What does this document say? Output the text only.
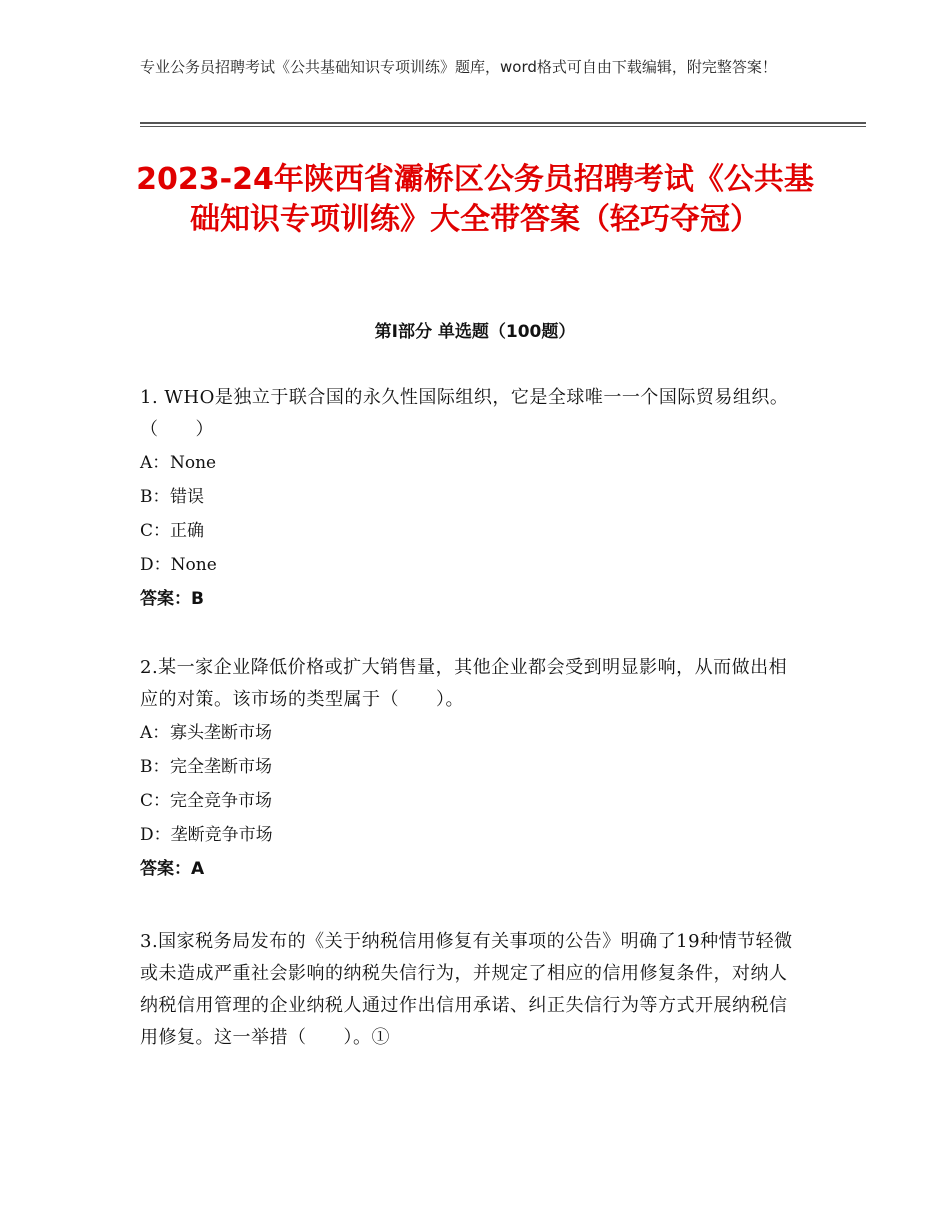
专业公务员招聘考试《公共基础知识专项训练》题库，word格式可自由下载编辑，附完整答案！
2023-24年陕西省灞桥区公务员招聘考试《公共基础知识专项训练》大全带答案（轻巧夺冠）
第Ⅰ部分 单选题（100题）

1. WHO是独立于联合国的永久性国际组织，它是全球唯一一个国际贸易组织。（　　）

A：None

B：错误

C：正确

D：None

答案：B

2.某一家企业降低价格或扩大销售量，其他企业都会受到明显影响，从而做出相应的对策。该市场的类型属于（　　）。

A：寡头垄断市场

B：完全垄断市场

C：完全竞争市场

D：垄断竞争市场

答案：A

3.国家税务局发布的《关于纳税信用修复有关事项的公告》明确了19种情节轻微或未造成严重社会影响的纳税失信行为，并规定了相应的信用修复条件，对纳人纳税信用管理的企业纳税人通过作出信用承诺、纠正失信行为等方式开展纳税信用修复。这一举措（　　）。①
